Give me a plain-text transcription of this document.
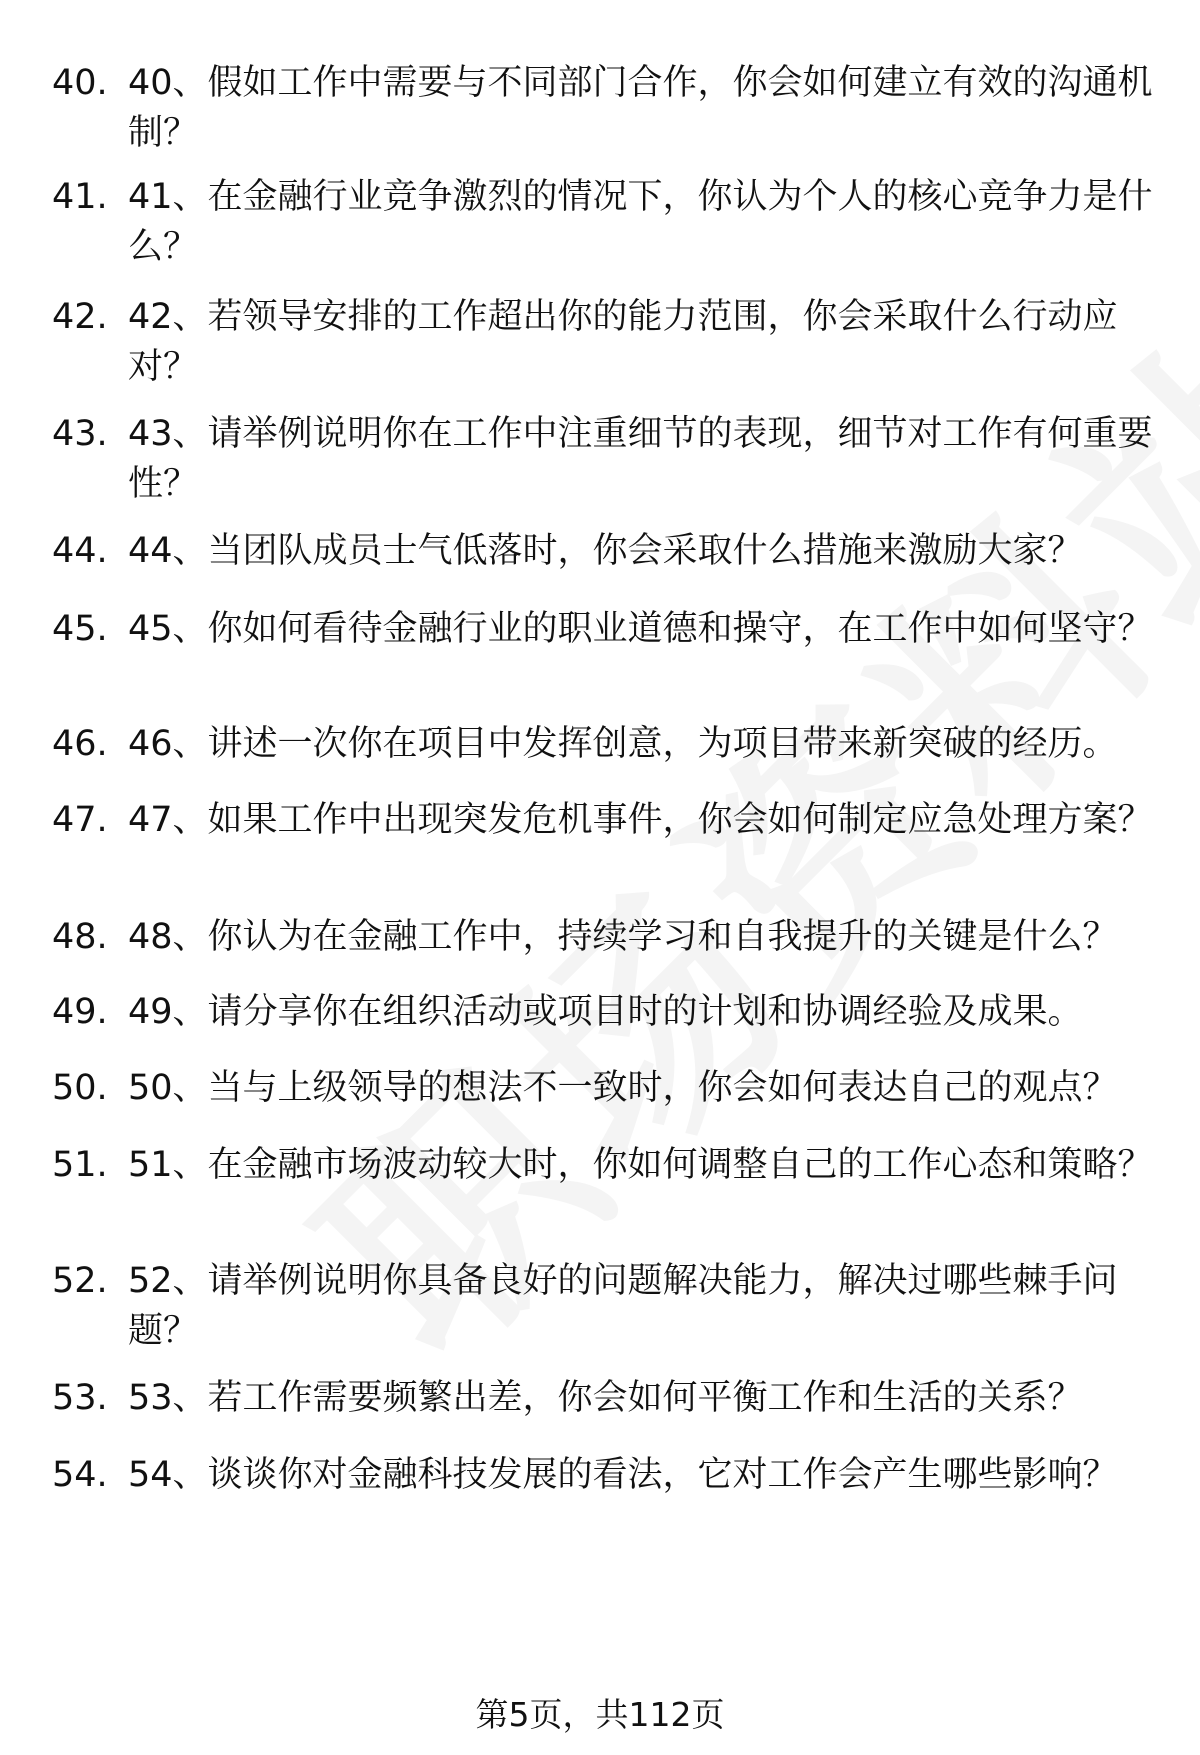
40. 40、假如工作中需要与不同部门合作，你会如何建立有效的沟通机制？
41. 41、在金融行业竞争激烈的情况下，你认为个人的核心竞争力是什么？
42. 42、若领导安排的工作超出你的能力范围，你会采取什么行动应对？
43. 43、请举例说明你在工作中注重细节的表现，细节对工作有何重要性？
44. 44、当团队成员士气低落时，你会采取什么措施来激励大家？
45. 45、你如何看待金融行业的职业道德和操守，在工作中如何坚守？
46. 46、讲述一次你在项目中发挥创意，为项目带来新突破的经历。
47. 47、如果工作中出现突发危机事件，你会如何制定应急处理方案？
48. 48、你认为在金融工作中，持续学习和自我提升的关键是什么？
49. 49、请分享你在组织活动或项目时的计划和协调经验及成果。
50. 50、当与上级领导的想法不一致时，你会如何表达自己的观点？
51. 51、在金融市场波动较大时，你如何调整自己的工作心态和策略？
52. 52、请举例说明你具备良好的问题解决能力，解决过哪些棘手问题？
53. 53、若工作需要频繁出差，你会如何平衡工作和生活的关系？
54. 54、谈谈你对金融科技发展的看法，它对工作会产生哪些影响？
第5页，共112页
